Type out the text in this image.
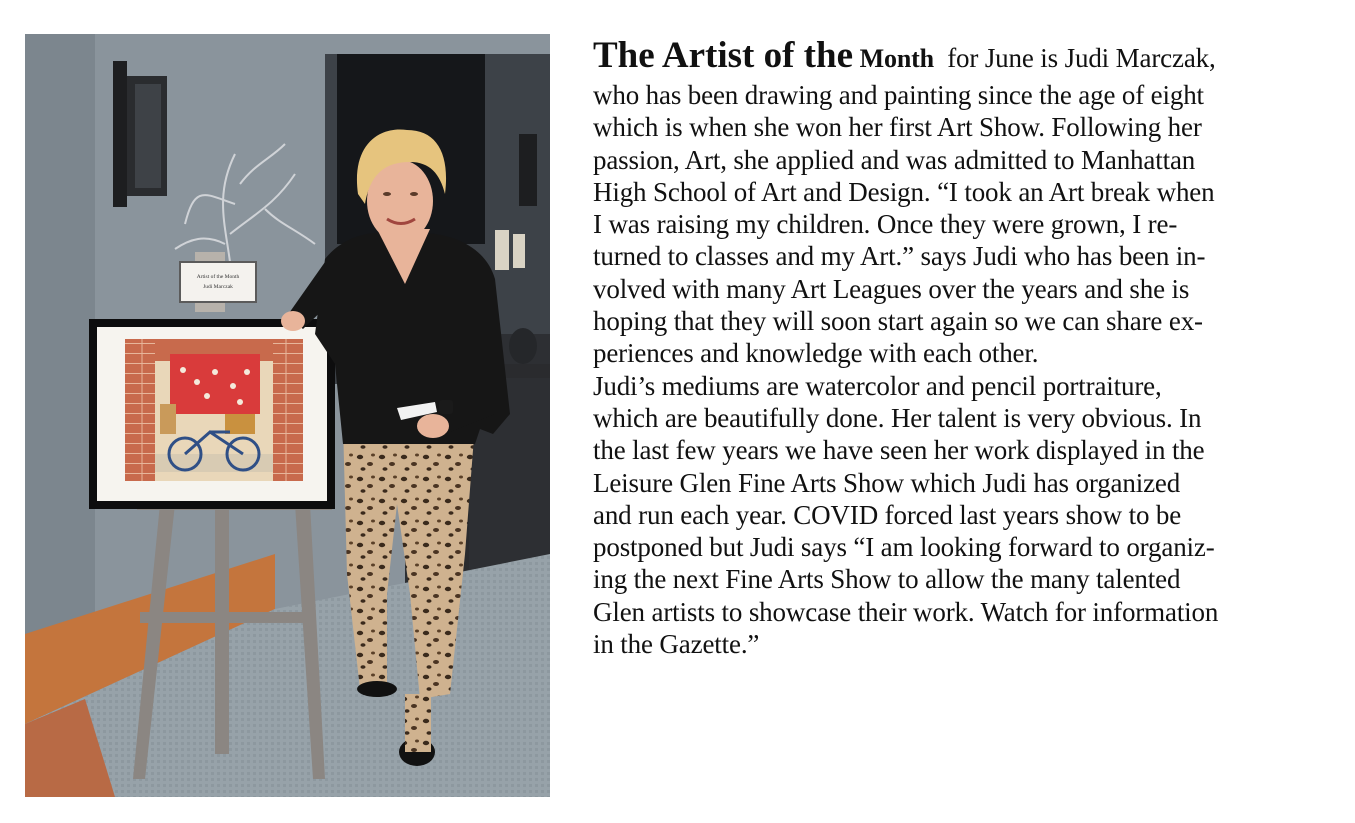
Artist of the Month
Judi Marczak
The Artist of the Month for June is Judi Marczak,
who has been drawing and painting since the age of eight
which is when she won her first Art Show. Following her
passion, Art, she applied and was admitted to Manhattan
High School of Art and Design. “I took an Art break when
I was raising my children. Once they were grown, I re-
turned to classes and my Art.” says Judi who has been in-
volved with many Art Leagues over the years and she is
hoping that they will soon start again so we can share ex-
periences and knowledge with each other.
Judi’s mediums are watercolor and pencil portraiture,
which are beautifully done. Her talent is very obvious. In
the last few years we have seen her work displayed in the
Leisure Glen Fine Arts Show which Judi has organized
and run each year. COVID forced last years show to be
postponed but Judi says “I am looking forward to organiz-
ing the next Fine Arts Show to allow the many talented
Glen artists to showcase their work. Watch for information
in the Gazette.”
